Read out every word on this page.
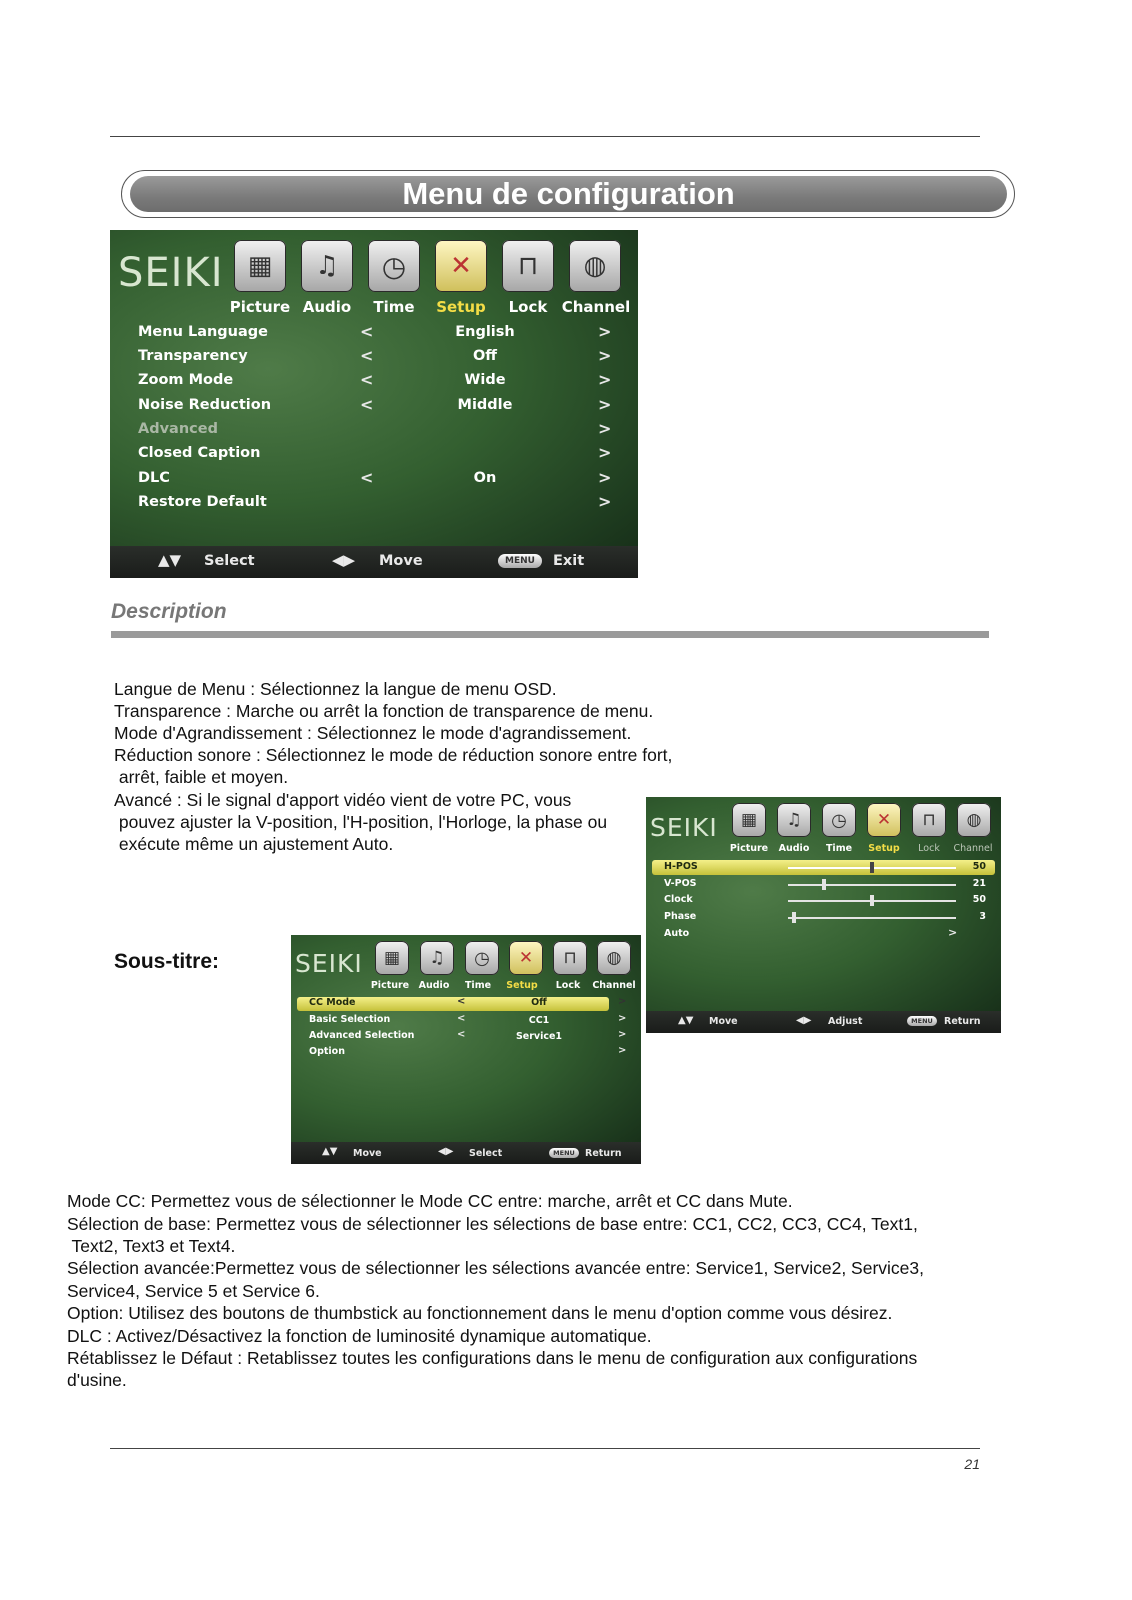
Menu de configuration
SEIKI ▦	♫	◷	✕	⊓	◍
Picture Audio	Time	Setup	Lock Channel
Menu Language	<	English	>
Transparency	<	Off	>
Zoom Mode	<	Wide	>
Noise Reduction	<	Middle	>
Advanced	>
Closed Caption	>
DLC	<	On	>
Restore Default	>
▲▼ Select	◀▶ Move	MENU	Exit
Description
Langue de Menu : Sélectionnez la langue de menu OSD.
Transparence : Marche ou arrêt la fonction de transparence de menu.
Mode d'Agrandissement : Sélectionnez le mode d'agrandissement.
Réduction sonore : Sélectionnez le mode de réduction sonore entre fort,
arrêt, faible et moyen.
Avancé : Si le signal d'apport vidéo vient de votre PC, vous
pouvez ajuster la V-position, l'H-position, l'Horloge, la phase ou
exécute même un ajustement Auto.
SEIKI	▦	♫	◷	✕	⊓	◍
Picture	Audio	Time	Setup	Lock	Channel
H-POS	50
V-POS	21
Clock	50
Phase	3
Auto	>
▲▼ Move	◀▶ Adjust	MENU	Return
Sous-titre:	SEIKI	▦	♫	◷	✕	⊓	◍
Picture	Audio	Time	Setup	Lock	Channel
CC Mode	<	Off	>
Basic Selection	<	CC1	>
Advanced Selection	<	Service1	>
Option	>
▲▼ Move	◀▶ Select	MENU	Return
Mode CC: Permettez vous de sélectionner le Mode CC entre: marche, arrêt et CC dans Mute.
Sélection de base: Permettez vous de sélectionner les sélections de base entre: CC1, CC2, CC3, CC4, Text1,
Text2, Text3 et Text4.
Sélection avancée:Permettez vous de sélectionner les sélections avancée entre: Service1, Service2, Service3,
Service4, Service 5 et Service 6.
Option: Utilisez des boutons de thumbstick au fonctionnement dans le menu d'option comme vous désirez.
DLC : Activez/Désactivez la fonction de luminosité dynamique automatique.
Rétablissez le Défaut : Retablissez toutes les configurations dans le menu de configuration aux configurations
d'usine.
21
